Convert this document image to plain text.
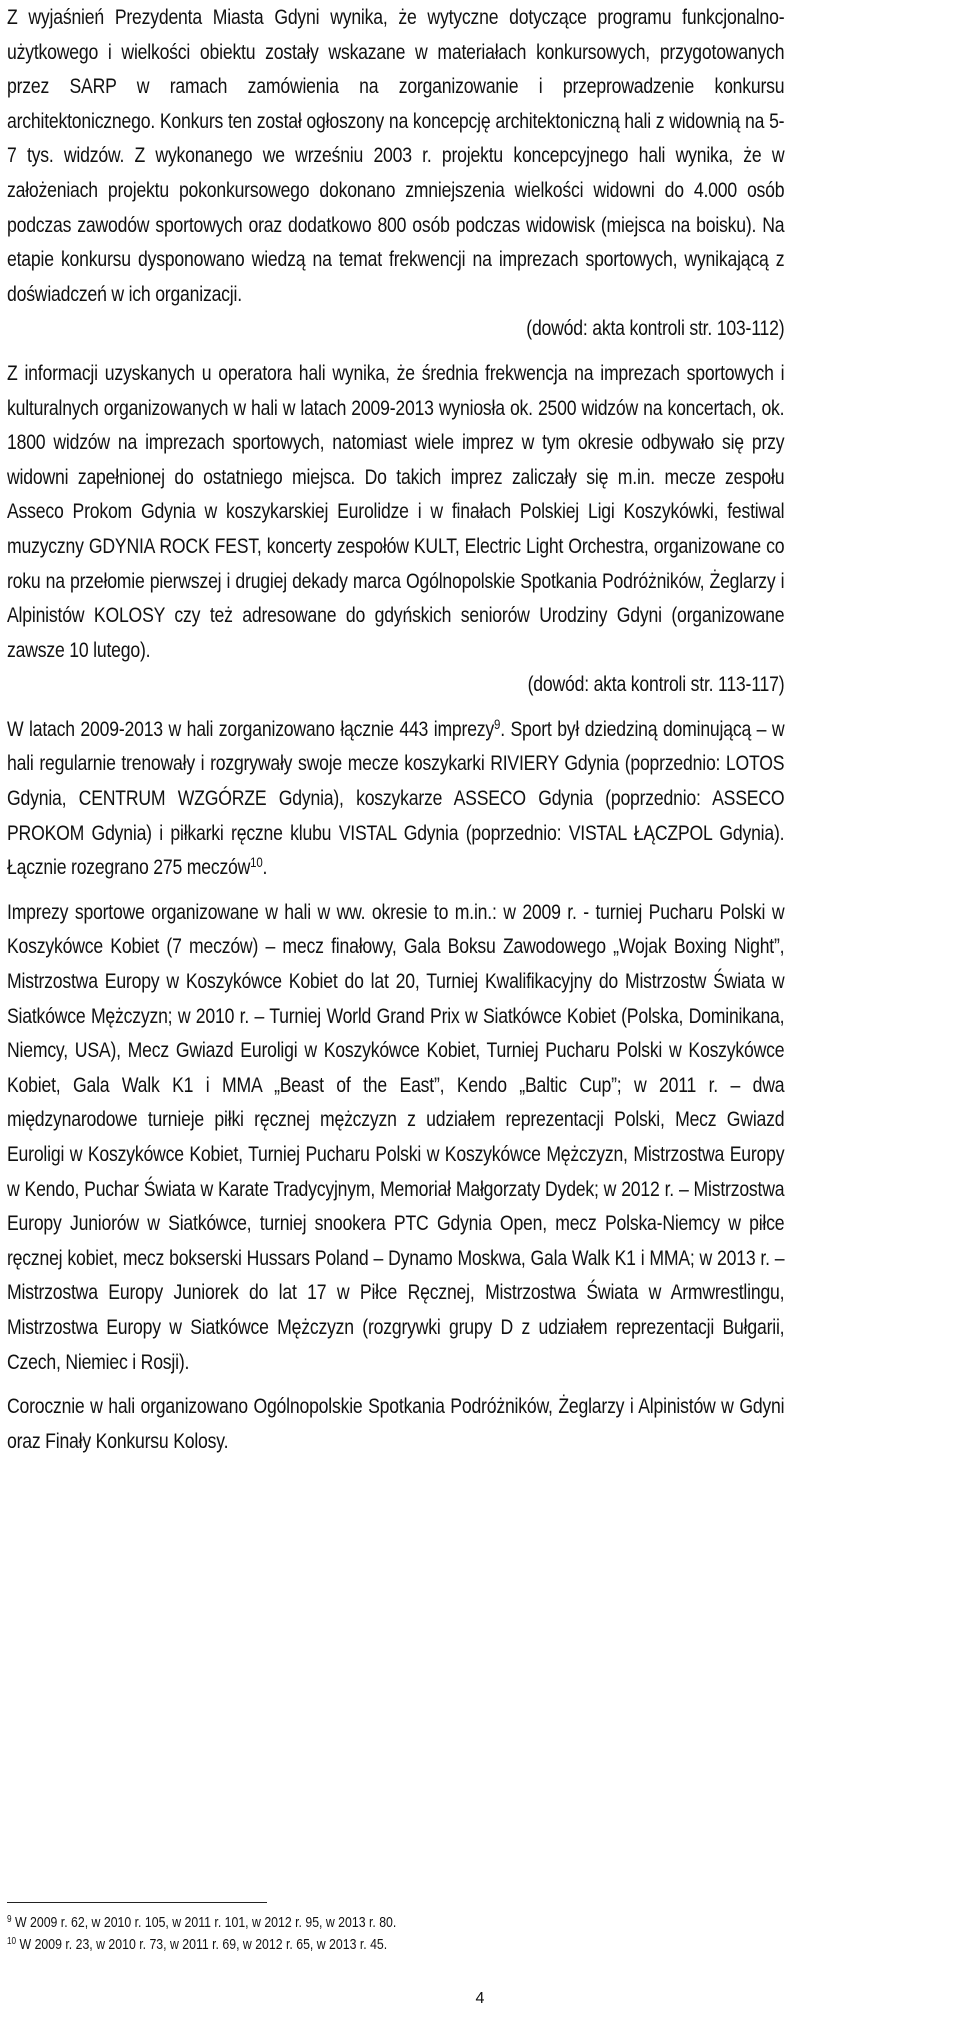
Z wyjaśnień Prezydenta Miasta Gdyni wynika, że wytyczne dotyczące programu funkcjonalno-użytkowego i wielkości obiektu zostały wskazane w materiałach konkursowych, przygotowanych przez SARP w ramach zamówienia na zorganizowanie i przeprowadzenie konkursu architektonicznego. Konkurs ten został ogłoszony na koncepcję architektoniczną hali z widownią na 5-7 tys. widzów. Z wykonanego we wrześniu 2003 r. projektu koncepcyjnego hali wynika, że w założeniach projektu pokonkursowego dokonano zmniejszenia wielkości widowni do 4.000 osób podczas zawodów sportowych oraz dodatkowo 800 osób podczas widowisk (miejsca na boisku). Na etapie konkursu dysponowano wiedzą na temat frekwencji na imprezach sportowych, wynikającą z doświadczeń w ich organizacji.

(dowód: akta kontroli str. 103-112)

Z informacji uzyskanych u operatora hali wynika, że średnia frekwencja na imprezach sportowych i kulturalnych organizowanych w hali w latach 2009-2013 wyniosła ok. 2500 widzów na koncertach, ok. 1800 widzów na imprezach sportowych, natomiast wiele imprez w tym okresie odbywało się przy widowni zapełnionej do ostatniego miejsca. Do takich imprez zaliczały się m.in. mecze zespołu Asseco Prokom Gdynia w koszykarskiej Eurolidze i w finałach Polskiej Ligi Koszykówki, festiwal muzyczny GDYNIA ROCK FEST, koncerty zespołów KULT, Electric Light Orchestra, organizowane co roku na przełomie pierwszej i drugiej dekady marca Ogólnopolskie Spotkania Podróżników, Żeglarzy i Alpinistów KOLOSY czy też adresowane do gdyńskich seniorów Urodziny Gdyni (organizowane zawsze 10 lutego).

(dowód: akta kontroli str. 113-117)

W latach 2009-2013 w hali zorganizowano łącznie 443 imprezy$^9$. Sport był dziedziną dominującą – w hali regularnie trenowały i rozgrywały swoje mecze koszykarki RIVIERY Gdynia (poprzednio: LOTOS Gdynia, CENTRUM WZGÓRZE Gdynia), koszykarze ASSECO Gdynia (poprzednio: ASSECO PROKOM Gdynia) i piłkarki ręczne klubu VISTAL Gdynia (poprzednio: VISTAL ŁĄCZPOL Gdynia). Łącznie rozegrano 275 meczów$^{10}$.

Imprezy sportowe organizowane w hali w ww. okresie to m.in.: w 2009 r. - turniej Pucharu Polski w Koszykówce Kobiet (7 meczów) – mecz finałowy, Gala Boksu Zawodowego „Wojak Boxing Night”, Mistrzostwa Europy w Koszykówce Kobiet do lat 20, Turniej Kwalifikacyjny do Mistrzostw Świata w Siatkówce Mężczyzn; w 2010 r. – Turniej World Grand Prix w Siatkówce Kobiet (Polska, Dominikana, Niemcy, USA), Mecz Gwiazd Euroligi w Koszykówce Kobiet, Turniej Pucharu Polski w Koszykówce Kobiet, Gala Walk K1 i MMA „Beast of the East”, Kendo „Baltic Cup”; w 2011 r. – dwa międzynarodowe turnieje piłki ręcznej mężczyzn z udziałem reprezentacji Polski, Mecz Gwiazd Euroligi w Koszykówce Kobiet, Turniej Pucharu Polski w Koszykówce Mężczyzn, Mistrzostwa Europy w Kendo, Puchar Świata w Karate Tradycyjnym, Memoriał Małgorzaty Dydek; w 2012 r. – Mistrzostwa Europy Juniorów w Siatkówce, turniej snookera PTC Gdynia Open, mecz Polska-Niemcy w piłce ręcznej kobiet, mecz bokserski Hussars Poland – Dynamo Moskwa, Gala Walk K1 i MMA; w 2013 r. – Mistrzostwa Europy Juniorek do lat 17 w Piłce Ręcznej, Mistrzostwa Świata w Armwrestlingu, Mistrzostwa Europy w Siatkówce Mężczyzn (rozgrywki grupy D z udziałem reprezentacji Bułgarii, Czech, Niemiec i Rosji).

Corocznie w hali organizowano Ogólnopolskie Spotkania Podróżników, Żeglarzy i Alpinistów w Gdyni oraz Finały Konkursu Kolosy.

$^9$ W 2009 r. 62, w 2010 r. 105, w 2011 r. 101, w 2012 r. 95, w 2013 r. 80.

$^{10}$ W 2009 r. 23, w 2010 r. 73, w 2011 r. 69, w 2012 r. 65, w 2013 r. 45.

4
